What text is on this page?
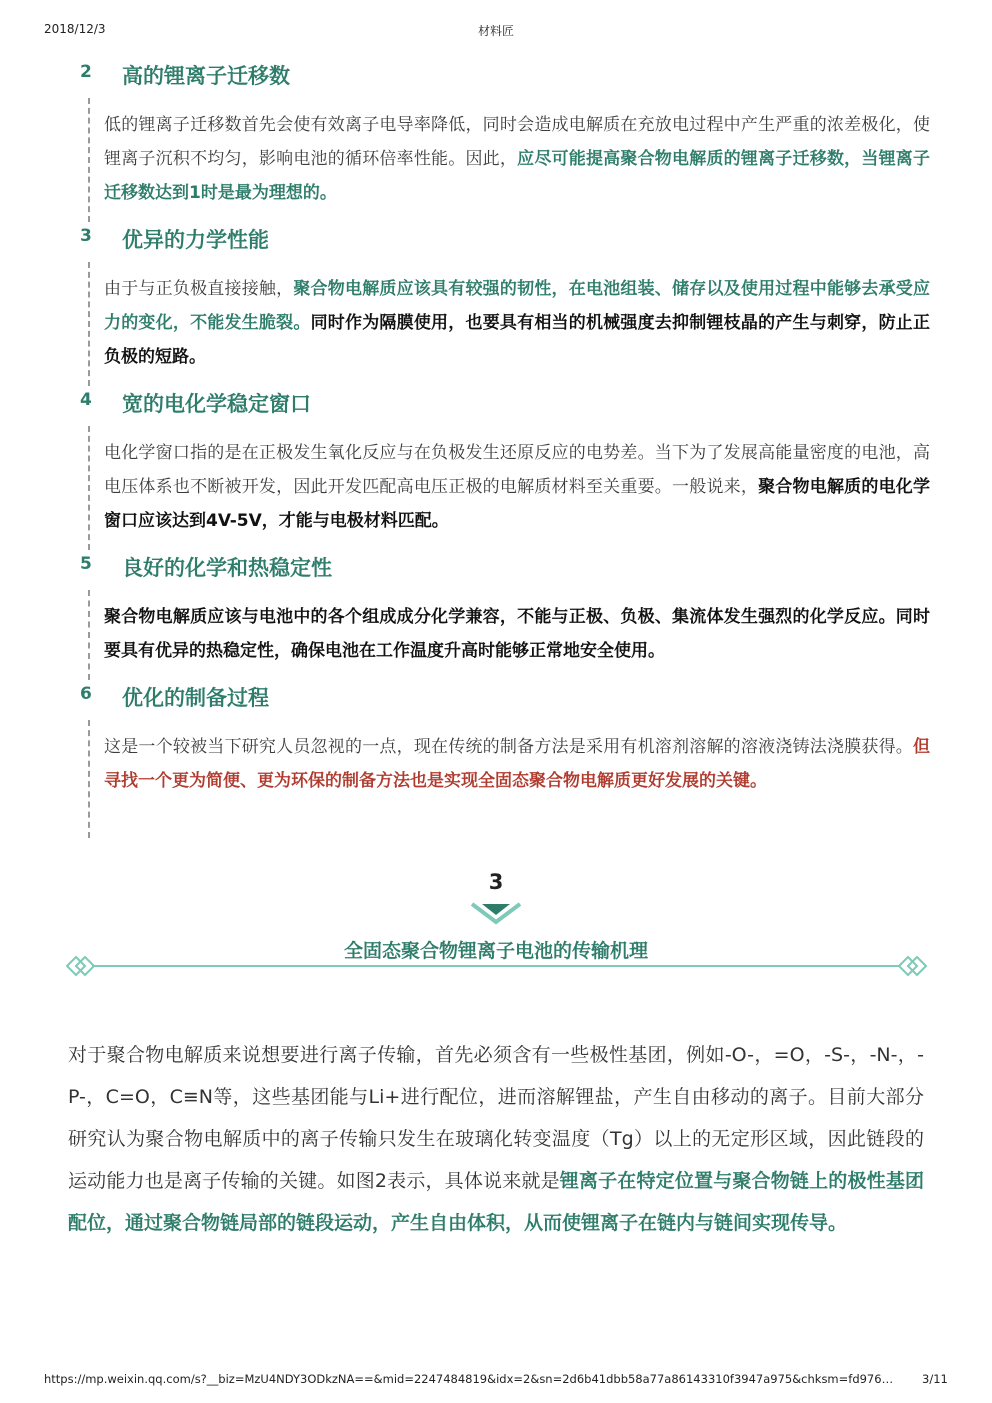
2018/12/3	材料匠
2 高的锂离子迁移数
低的锂离子迁移数首先会使有效离子电导率降低，同时会造成电解质在充放电过程中产生严重的浓差极化，使锂离子沉积不均匀，影响电池的循环倍率性能。因此，应尽可能提高聚合物电解质的锂离子迁移数，当锂离子迁移数达到1时是最为理想的。
3 优异的力学性能
由于与正负极直接接触，聚合物电解质应该具有较强的韧性，在电池组装、储存以及使用过程中能够去承受应力的变化，不能发生脆裂。同时作为隔膜使用，也要具有相当的机械强度去抑制锂枝晶的产生与刺穿，防止正负极的短路。
4 宽的电化学稳定窗口
电化学窗口指的是在正极发生氧化反应与在负极发生还原反应的电势差。当下为了发展高能量密度的电池，高电压体系也不断被开发，因此开发匹配高电压正极的电解质材料至关重要。一般说来，聚合物电解质的电化学窗口应该达到4V-5V，才能与电极材料匹配。
5 良好的化学和热稳定性
聚合物电解质应该与电池中的各个组成成分化学兼容，不能与正极、负极、集流体发生强烈的化学反应。同时要具有优异的热稳定性，确保电池在工作温度升高时能够正常地安全使用。
6 优化的制备过程
这是一个较被当下研究人员忽视的一点，现在传统的制备方法是采用有机溶剂溶解的溶液浇铸法浇膜获得。但寻找一个更为简便、更为环保的制备方法也是实现全固态聚合物电解质更好发展的关键。
3
全固态聚合物锂离子电池的传输机理
对于聚合物电解质来说想要进行离子传输，首先必须含有一些极性基团，例如-O-，=O，-S-，-N-，-P-，C=O，C≡N等，这些基团能与Li+进行配位，进而溶解锂盐，产生自由移动的离子。目前大部分研究认为聚合物电解质中的离子传输只发生在玻璃化转变温度（Tg）以上的无定形区域，因此链段的运动能力也是离子传输的关键。如图2表示，具体说来就是锂离子在特定位置与聚合物链上的极性基团配位，通过聚合物链局部的链段运动，产生自由体积，从而使锂离子在链内与链间实现传导。
https://mp.weixin.qq.com/s?__biz=MzU4NDY3ODkzNA==&mid=2247484819&idx=2&sn=2d6b41dbb58a77a86143310f3947a975&chksm=fd976…	3/11
